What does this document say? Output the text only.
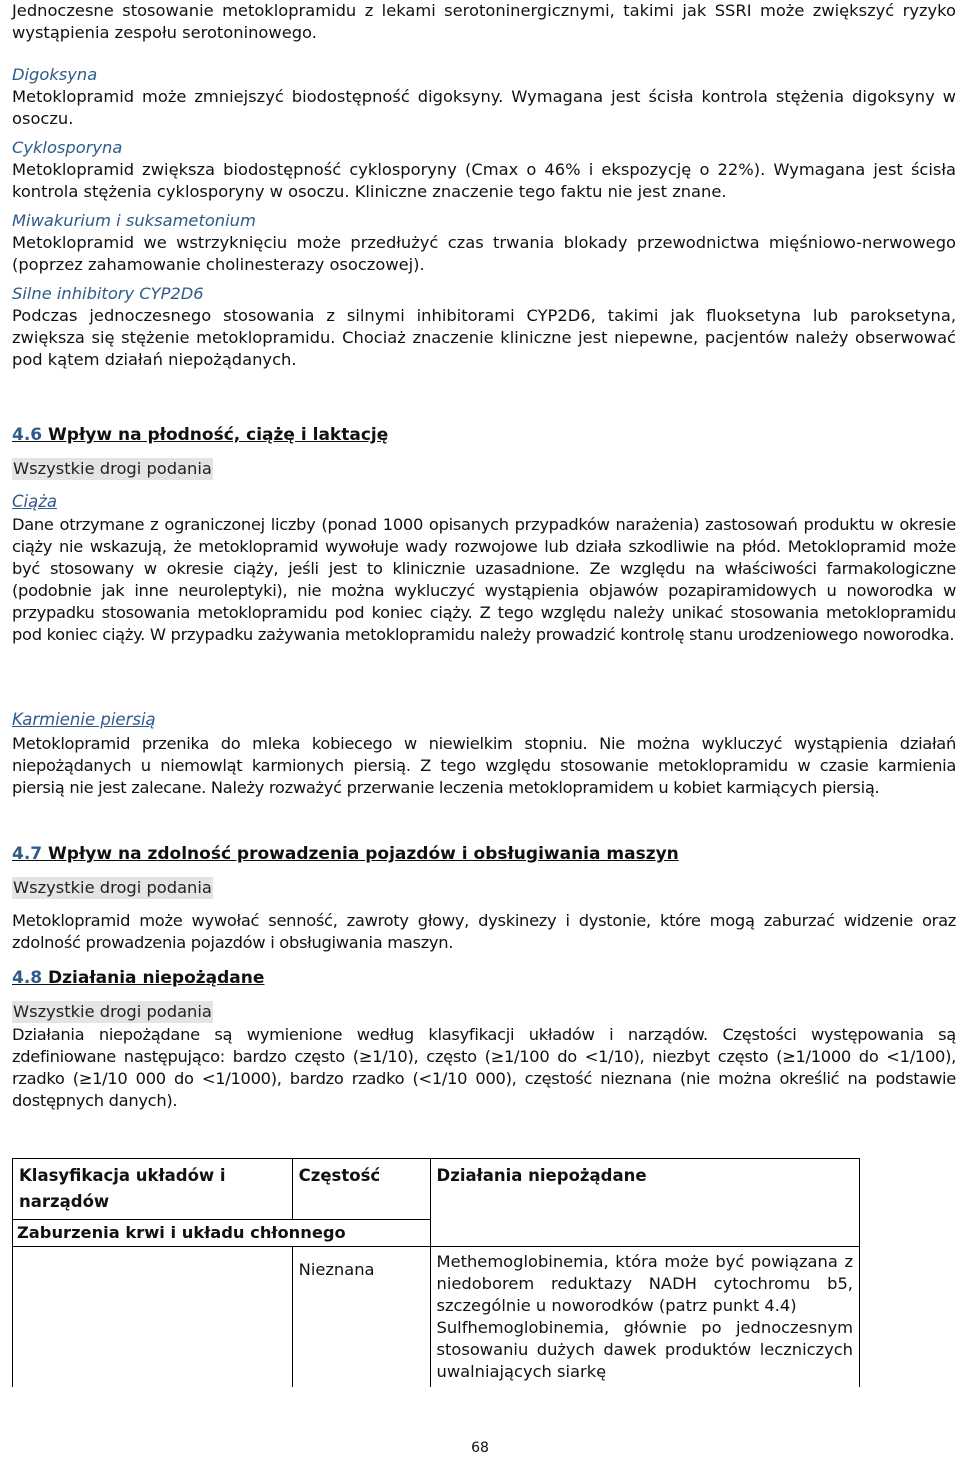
Jednoczesne stosowanie metoklopramidu z lekami serotoninergicznymi, takimi jak SSRI może zwiększyć ryzyko wystąpienia zespołu serotoninowego.

Digoksyna

Metoklopramid może zmniejszyć biodostępność digoksyny. Wymagana jest ścisła kontrola stężenia digoksyny w osoczu.

Cyklosporyna

Metoklopramid zwiększa biodostępność cyklosporyny (Cmax o 46% i ekspozycję o 22%). Wymagana jest ścisła kontrola stężenia cyklosporyny w osoczu. Kliniczne znaczenie tego faktu nie jest znane.

Miwakurium i suksametonium

Metoklopramid we wstrzyknięciu może przedłużyć czas trwania blokady przewodnictwa mięśniowo-nerwowego (poprzez zahamowanie cholinesterazy osoczowej).

Silne inhibitory CYP2D6

Podczas jednoczesnego stosowania z silnymi inhibitorami CYP2D6, takimi jak fluoksetyna lub paroksetyna, zwiększa się stężenie metoklopramidu. Chociaż znaczenie kliniczne jest niepewne, pacjentów należy obserwować pod kątem działań niepożądanych.

4.6 Wpływ na płodność, ciążę i laktację
Wszystkie drogi podania
Ciąża

Dane otrzymane z ograniczonej liczby (ponad 1000 opisanych przypadków narażenia) zastosowań produktu w okresie ciąży nie wskazują, że metoklopramid wywołuje wady rozwojowe lub działa szkodliwie na płód. Metoklopramid może być stosowany w okresie ciąży, jeśli jest to klinicznie uzasadnione. Ze względu na właściwości farmakologiczne (podobnie jak inne neuroleptyki), nie można wykluczyć wystąpienia objawów pozapiramidowych u noworodka w przypadku stosowania metoklopramidu pod koniec ciąży. Z tego względu należy unikać stosowania metoklopramidu pod koniec ciąży. W przypadku zażywania metoklopramidu należy prowadzić kontrolę stanu urodzeniowego noworodka.

Karmienie piersią

Metoklopramid przenika do mleka kobiecego w niewielkim stopniu. Nie można wykluczyć wystąpienia działań niepożądanych u niemowląt karmionych piersią. Z tego względu stosowanie metoklopramidu w czasie karmienia piersią nie jest zalecane. Należy rozważyć przerwanie leczenia metoklopramidem u kobiet karmiących piersią.

4.7 Wpływ na zdolność prowadzenia pojazdów i obsługiwania maszyn
Wszystkie drogi podania

Metoklopramid może wywołać senność, zawroty głowy, dyskinezy i dystonie, które mogą zaburzać widzenie oraz zdolność prowadzenia pojazdów i obsługiwania maszyn.

4.8 Działania niepożądane
Wszystkie drogi podania

Działania niepożądane są wymienione według klasyfikacji układów i narządów. Częstości występowania są zdefiniowane następująco: bardzo często (≥1/10), często (≥1/100 do <1/10), niezbyt często (≥1/1000 do <1/100), rzadko (≥1/10 000 do <1/1000), bardzo rzadko (<1/10 000), częstość nieznana (nie można określić na podstawie dostępnych danych).

Klasyfikacja układów i narządów	Częstość	Działania niepożądane
Zaburzenia krwi i układu chłonnego		
	Nieznana	Methemoglobinemia, która może być powiązana z niedoborem reduktazy NADH cytochromu b5, szczególnie u noworodków (patrz punkt 4.4)
Sulfhemoglobinemia, głównie po jednoczesnym stosowaniu dużych dawek produktów leczniczych uwalniających siarkę
68
